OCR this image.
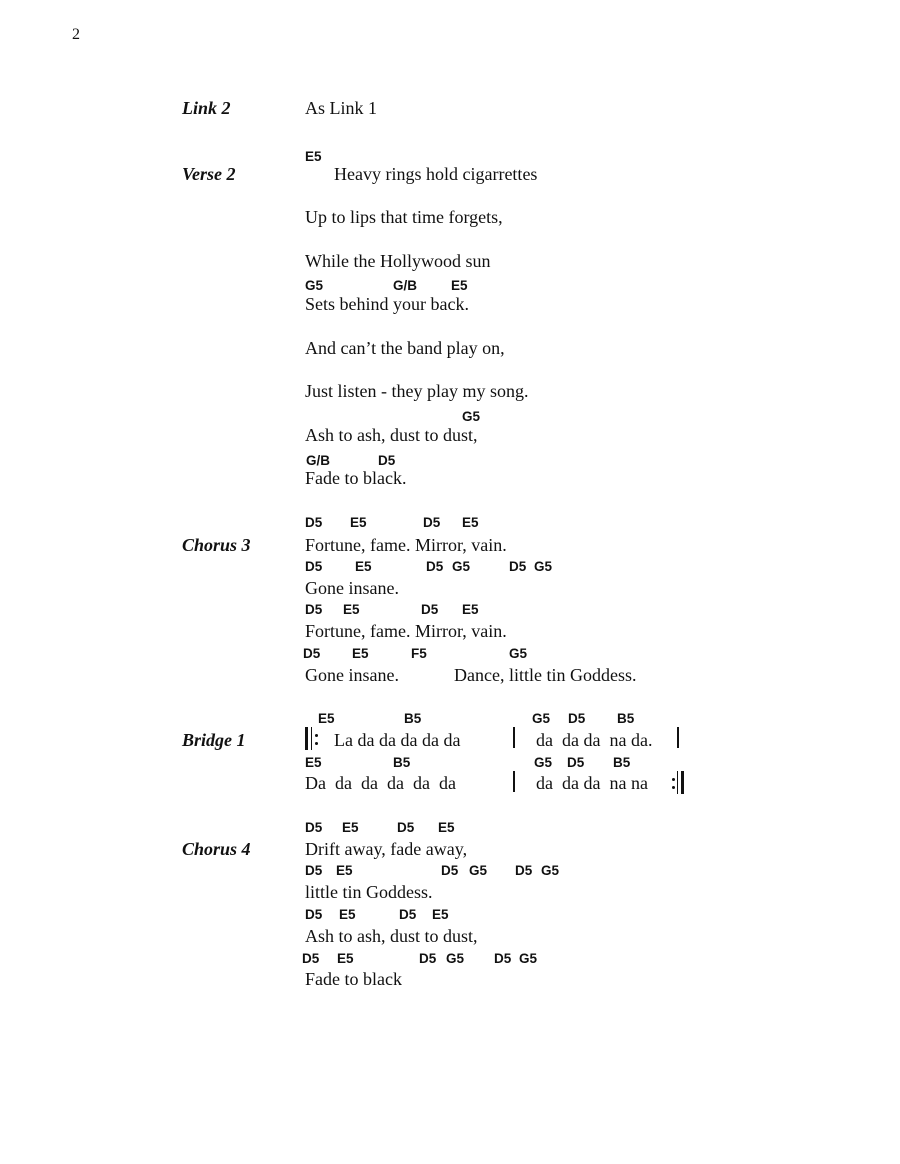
2
Link 2	As Link 1
Verse 2
E5
Heavy rings hold cigarrettes
Up to lips that time forgets,
While the Hollywood sun
G5	G/B	E5
Sets behind your back.
And can’t the band play on,
Just listen - they play my song.
G5
Ash to ash, dust to dust,
G/B	D5
Fade to black.
Chorus 3
D5 E5	D5 E5
Fortune, fame. Mirror, vain.
D5 E5	D5 G5	D5 G5
Gone insane.
D5 E5	D5 E5
Fortune, fame. Mirror, vain.
D5 E5	F5	G5
Gone insane.	Dance, little tin Goddess.
Bridge 1
E5	B5	G5 D5 B5
La da da da da da	da  da da  na da.
E5	B5	G5 D5 B5
Da  da  da  da  da  da	da  da da  na na
Chorus 4
D5 E5	D5 E5
Drift away, fade away,
D5 E5	D5 G5 D5 G5
little tin Goddess.
D5 E5	D5 E5
Ash to ash, dust to dust,
D5 E5	D5 G5 D5 G5
Fade to black
